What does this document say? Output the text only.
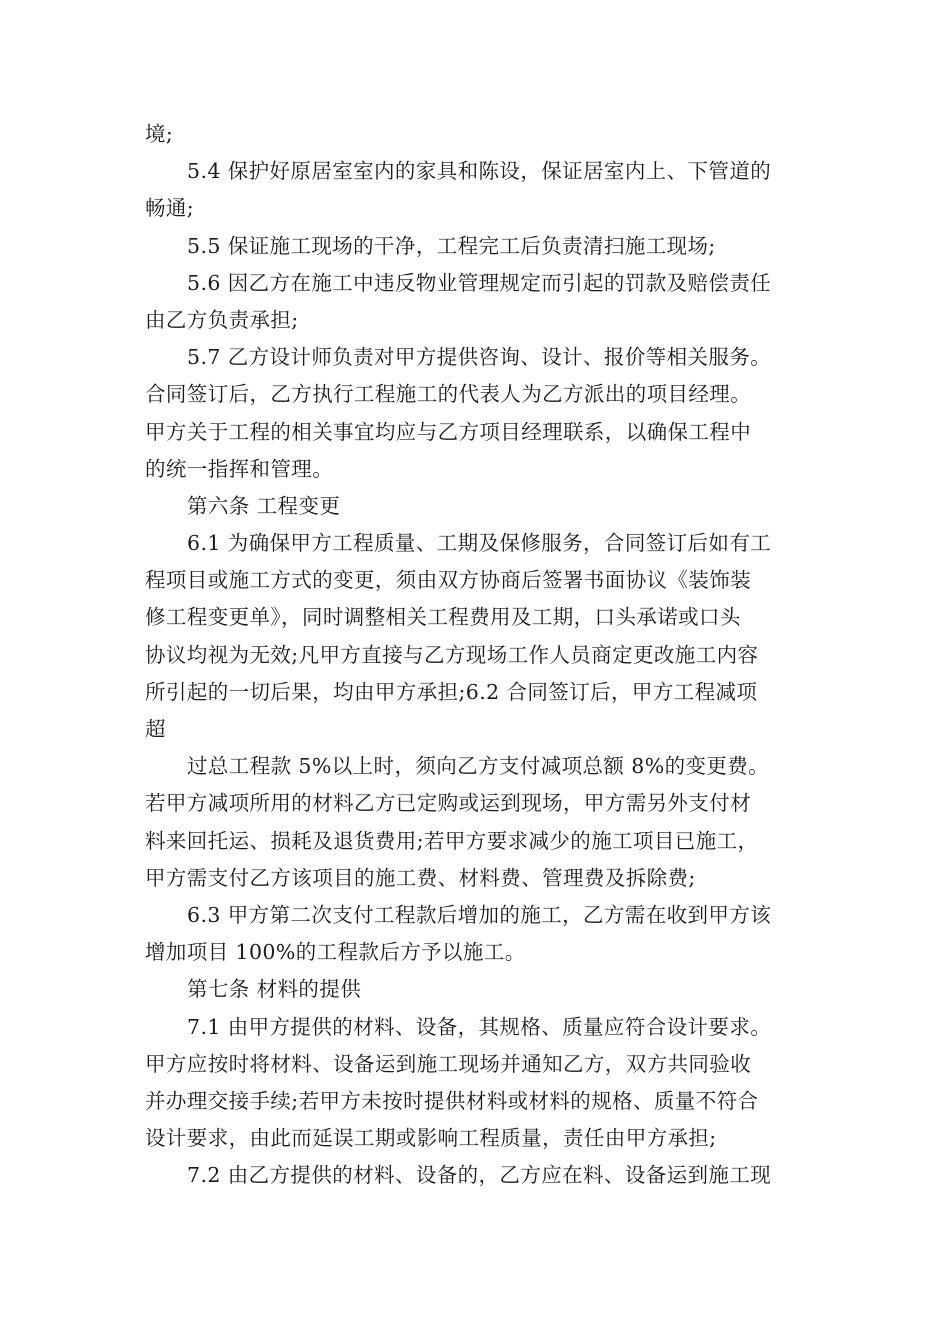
境;
5.4 保护好原居室室内的家具和陈设，保证居室内上、下管道的
畅通;
5.5 保证施工现场的干净，工程完工后负责清扫施工现场;
5.6 因乙方在施工中违反物业管理规定而引起的罚款及赔偿责任
由乙方负责承担;
5.7 乙方设计师负责对甲方提供咨询、设计、报价等相关服务。
合同签订后，乙方执行工程施工的代表人为乙方派出的项目经理。
甲方关于工程的相关事宜均应与乙方项目经理联系，以确保工程中
的统一指挥和管理。
第六条 工程变更
6.1 为确保甲方工程质量、工期及保修服务，合同签订后如有工
程项目或施工方式的变更，须由双方协商后签署书面协议《装饰装
修工程变更单》，同时调整相关工程费用及工期，口头承诺或口头
协议均视为无效;凡甲方直接与乙方现场工作人员商定更改施工内容
所引起的一切后果，均由甲方承担;6.2 合同签订后，甲方工程减项
超
过总工程款 5%以上时，须向乙方支付减项总额 8%的变更费。
若甲方减项所用的材料乙方已定购或运到现场，甲方需另外支付材
料来回托运、损耗及退货费用;若甲方要求减少的施工项目已施工，
甲方需支付乙方该项目的施工费、材料费、管理费及拆除费;
6.3 甲方第二次支付工程款后增加的施工，乙方需在收到甲方该
增加项目 100%的工程款后方予以施工。
第七条 材料的提供
7.1 由甲方提供的材料、设备，其规格、质量应符合设计要求。
甲方应按时将材料、设备运到施工现场并通知乙方，双方共同验收
并办理交接手续;若甲方未按时提供材料或材料的规格、质量不符合
设计要求，由此而延误工期或影响工程质量，责任由甲方承担;
7.2 由乙方提供的材料、设备的，乙方应在料、设备运到施工现
